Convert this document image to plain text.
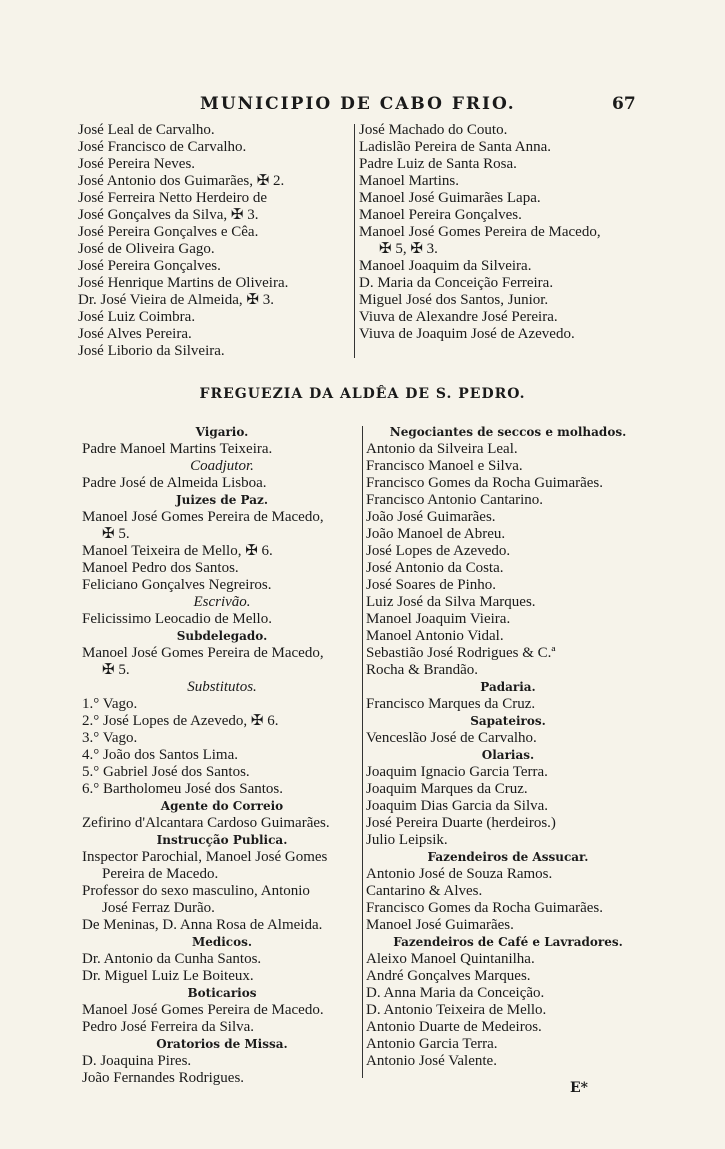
MUNICIPIO DE CABO FRIO.	67
José Leal de Carvalho.
José Francisco de Carvalho.
José Pereira Neves.
José Antonio dos Guimarães, ✠ 2.
José Ferreira Netto Herdeiro de
José Gonçalves da Silva, ✠ 3.
José Pereira Gonçalves e Cêa.
José de Oliveira Gago.
José Pereira Gonçalves.
José Henrique Martins de Oliveira.
Dr. José Vieira de Almeida, ✠ 3.
José Luiz Coimbra.
José Alves Pereira.
José Liborio da Silveira.
José Machado do Couto.
Ladislão Pereira de Santa Anna.
Padre Luiz de Santa Rosa.
Manoel Martins.
Manoel José Guimarães Lapa.
Manoel Pereira Gonçalves.
Manoel José Gomes Pereira de Macedo,
✠ 5, ✠ 3.
Manoel Joaquim da Silveira.
D. Maria da Conceição Ferreira.
Miguel José dos Santos, Junior.
Viuva de Alexandre José Pereira.
Viuva de Joaquim José de Azevedo.
FREGUEZIA DA ALDÊA DE S. PEDRO.
Vigario.
Padre Manoel Martins Teixeira.
Coadjutor.
Padre José de Almeida Lisboa.
Juizes de Paz.
Manoel José Gomes Pereira de Macedo,
✠ 5.
Manoel Teixeira de Mello, ✠ 6.
Manoel Pedro dos Santos.
Feliciano Gonçalves Negreiros.
Escrivão.
Felicissimo Leocadio de Mello.
Subdelegado.
Manoel José Gomes Pereira de Macedo,
✠ 5.
Substitutos.
1.° Vago.
2.° José Lopes de Azevedo, ✠ 6.
3.° Vago.
4.° João dos Santos Lima.
5.° Gabriel José dos Santos.
6.° Bartholomeu José dos Santos.
Agente do Correio
Zefirino d'Alcantara Cardoso Guimarães.
Instrucção Publica.
Inspector Parochial, Manoel José Gomes
Pereira de Macedo.
Professor do sexo masculino, Antonio
José Ferraz Durão.
De Meninas, D. Anna Rosa de Almeida.
Medicos.
Dr. Antonio da Cunha Santos.
Dr. Miguel Luiz Le Boiteux.
Boticarios
Manoel José Gomes Pereira de Macedo.
Pedro José Ferreira da Silva.
Oratorios de Missa.
D. Joaquina Pires.
João Fernandes Rodrigues.
Negociantes de seccos e molhados.
Antonio da Silveira Leal.
Francisco Manoel e Silva.
Francisco Gomes da Rocha Guimarães.
Francisco Antonio Cantarino.
João José Guimarães.
João Manoel de Abreu.
José Lopes de Azevedo.
José Antonio da Costa.
José Soares de Pinho.
Luiz José da Silva Marques.
Manoel Joaquim Vieira.
Manoel Antonio Vidal.
Sebastião José Rodrigues & C.ª
Rocha & Brandão.
Padaria.
Francisco Marques da Cruz.
Sapateiros.
Venceslão José de Carvalho.
Olarias.
Joaquim Ignacio Garcia Terra.
Joaquim Marques da Cruz.
Joaquim Dias Garcia da Silva.
José Pereira Duarte (herdeiros.)
Julio Leipsik.
Fazendeiros de Assucar.
Antonio José de Souza Ramos.
Cantarino & Alves.
Francisco Gomes da Rocha Guimarães.
Manoel José Guimarães.
Fazendeiros de Café e Lavradores.
Aleixo Manoel Quintanilha.
André Gonçalves Marques.
D. Anna Maria da Conceição.
D. Antonio Teixeira de Mello.
Antonio Duarte de Medeiros.
Antonio Garcia Terra.
Antonio José Valente.
E*
